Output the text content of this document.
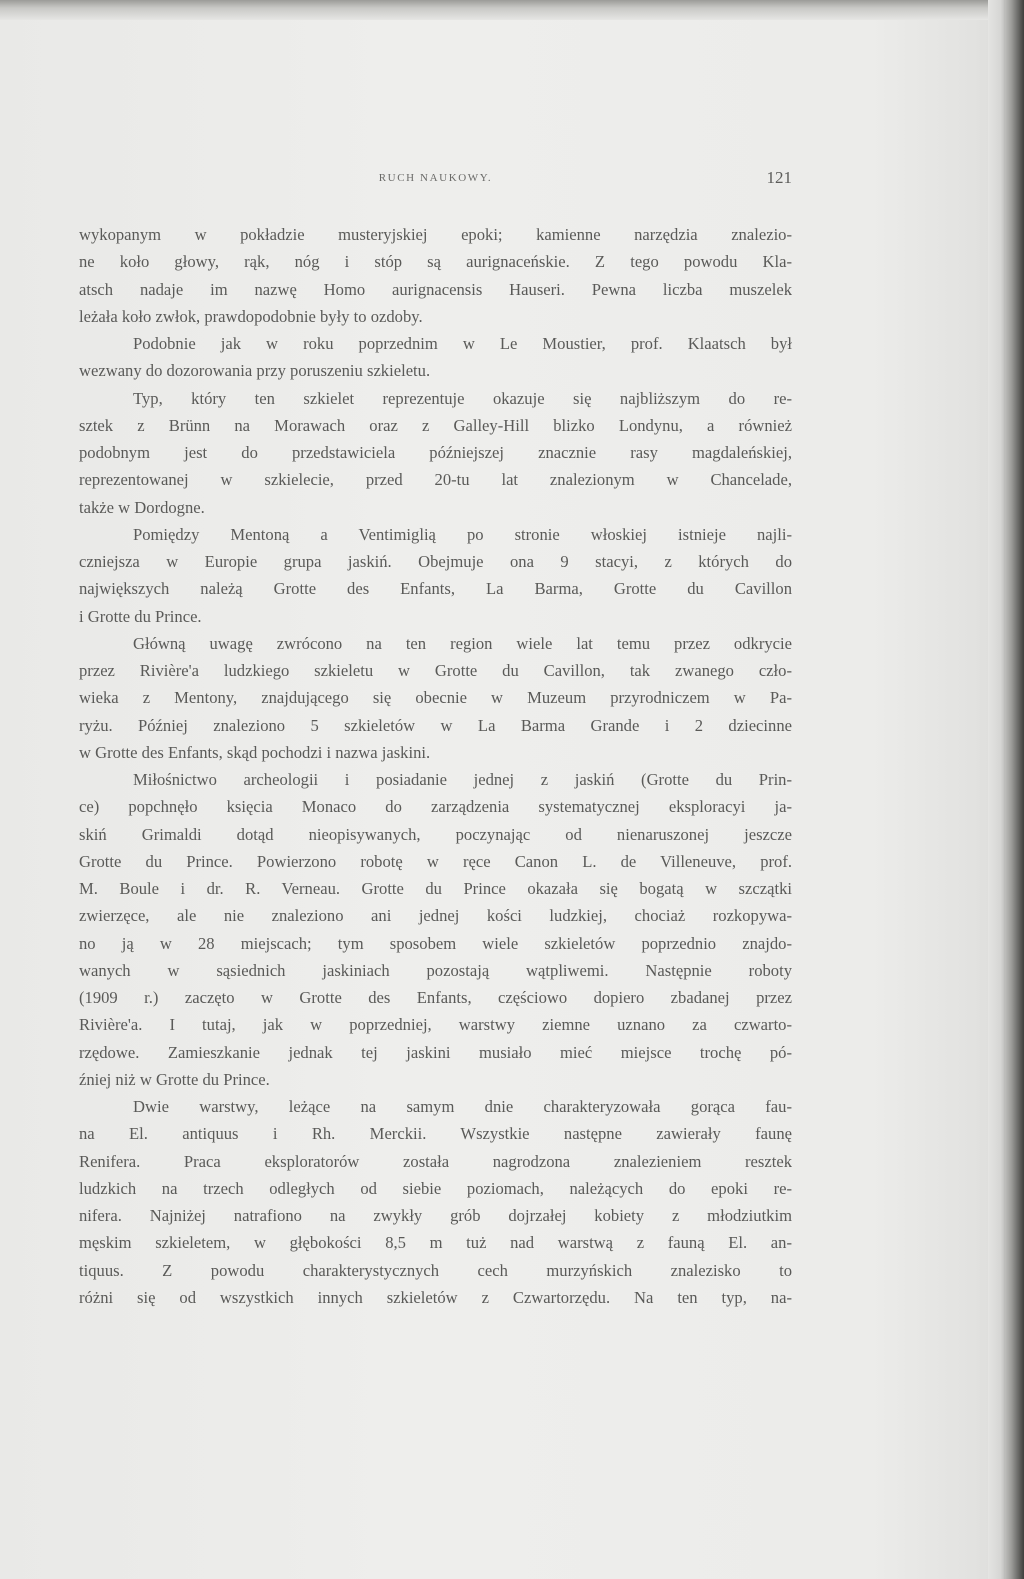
RUCH NAUKOWY.	121
wykopanym w pokładzie musteryjskiej epoki; kamienne narzędzia znalezio-
ne koło głowy, rąk, nóg i stóp są aurignaceńskie. Z tego powodu Kla-
atsch nadaje im nazwę Homo aurignacensis Hauseri. Pewna liczba muszelek
leżała koło zwłok, prawdopodobnie były to ozdoby.
Podobnie jak w roku poprzednim w Le Moustier, prof. Klaatsch był
wezwany do dozorowania przy poruszeniu szkieletu.
Typ, który ten szkielet reprezentuje okazuje się najbliższym do re-
sztek z Brünn na Morawach oraz z Galley-Hill blizko Londynu, a również
podobnym jest do przedstawiciela późniejszej znacznie rasy magdaleńskiej,
reprezentowanej w szkielecie, przed 20-tu lat znalezionym w Chancelade,
także w Dordogne.
Pomiędzy Mentoną a Ventimiglią po stronie włoskiej istnieje najli-
czniejsza w Europie grupa jaskiń. Obejmuje ona 9 stacyi, z których do
największych należą Grotte des Enfants, La Barma, Grotte du Cavillon
i Grotte du Prince.
Główną uwagę zwrócono na ten region wiele lat temu przez odkrycie
przez Rivière'a ludzkiego szkieletu w Grotte du Cavillon, tak zwanego czło-
wieka z Mentony, znajdującego się obecnie w Muzeum przyrodniczem w Pa-
ryżu. Później znaleziono 5 szkieletów w La Barma Grande i 2 dziecinne
w Grotte des Enfants, skąd pochodzi i nazwa jaskini.
Miłośnictwo archeologii i posiadanie jednej z jaskiń (Grotte du Prin-
ce) popchnęło księcia Monaco do zarządzenia systematycznej eksploracyi ja-
skiń Grimaldi dotąd nieopisywanych, poczynając od nienaruszonej jeszcze
Grotte du Prince. Powierzono robotę w ręce Canon L. de Villeneuve, prof.
M. Boule i dr. R. Verneau. Grotte du Prince okazała się bogatą w szczątki
zwierzęce, ale nie znaleziono ani jednej kości ludzkiej, chociaż rozkopywa-
no ją w 28 miejscach; tym sposobem wiele szkieletów poprzednio znajdo-
wanych w sąsiednich jaskiniach pozostają wątpliwemi. Następnie roboty
(1909 r.) zaczęto w Grotte des Enfants, częściowo dopiero zbadanej przez
Rivière'a. I tutaj, jak w poprzedniej, warstwy ziemne uznano za czwarto-
rzędowe. Zamieszkanie jednak tej jaskini musiało mieć miejsce trochę pó-
źniej niż w Grotte du Prince.
Dwie warstwy, leżące na samym dnie charakteryzowała gorąca fau-
na El. antiquus i Rh. Merckii. Wszystkie następne zawierały faunę
Renifera. Praca eksploratorów została nagrodzona znalezieniem resztek
ludzkich na trzech odległych od siebie poziomach, należących do epoki re-
nifera. Najniżej natrafiono na zwykły grób dojrzałej kobiety z młodziutkim
męskim szkieletem, w głębokości 8,5 m tuż nad warstwą z fauną El. an-
tiquus. Z powodu charakterystycznych cech murzyńskich znalezisko to
różni się od wszystkich innych szkieletów z Czwartorzędu. Na ten typ, na-
